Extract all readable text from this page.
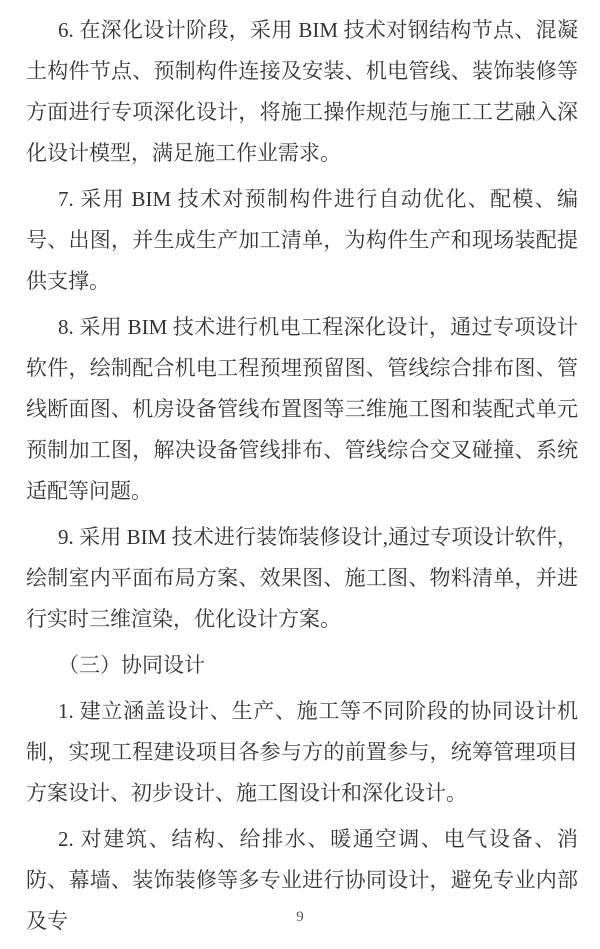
6. 在深化设计阶段，采用 BIM 技术对钢结构节点、混凝土构件节点、预制构件连接及安装、机电管线、装饰装修等方面进行专项深化设计，将施工操作规范与施工工艺融入深化设计模型，满足施工作业需求。

7. 采用 BIM 技术对预制构件进行自动优化、配模、编号、出图，并生成生产加工清单，为构件生产和现场装配提供支撑。

8. 采用 BIM 技术进行机电工程深化设计，通过专项设计软件，绘制配合机电工程预埋预留图、管线综合排布图、管线断面图、机房设备管线布置图等三维施工图和装配式单元预制加工图，解决设备管线排布、管线综合交叉碰撞、系统适配等问题。

9. 采用 BIM 技术进行装饰装修设计,通过专项设计软件，绘制室内平面布局方案、效果图、施工图、物料清单，并进行实时三维渲染，优化设计方案。

（三）协同设计

1. 建立涵盖设计、生产、施工等不同阶段的协同设计机制，实现工程建设项目各参与方的前置参与，统筹管理项目方案设计、初步设计、施工图设计和深化设计。

2. 对建筑、结构、给排水、暖通空调、电气设备、消防、幕墙、装饰装修等多专业进行协同设计，避免专业内部及专	9
